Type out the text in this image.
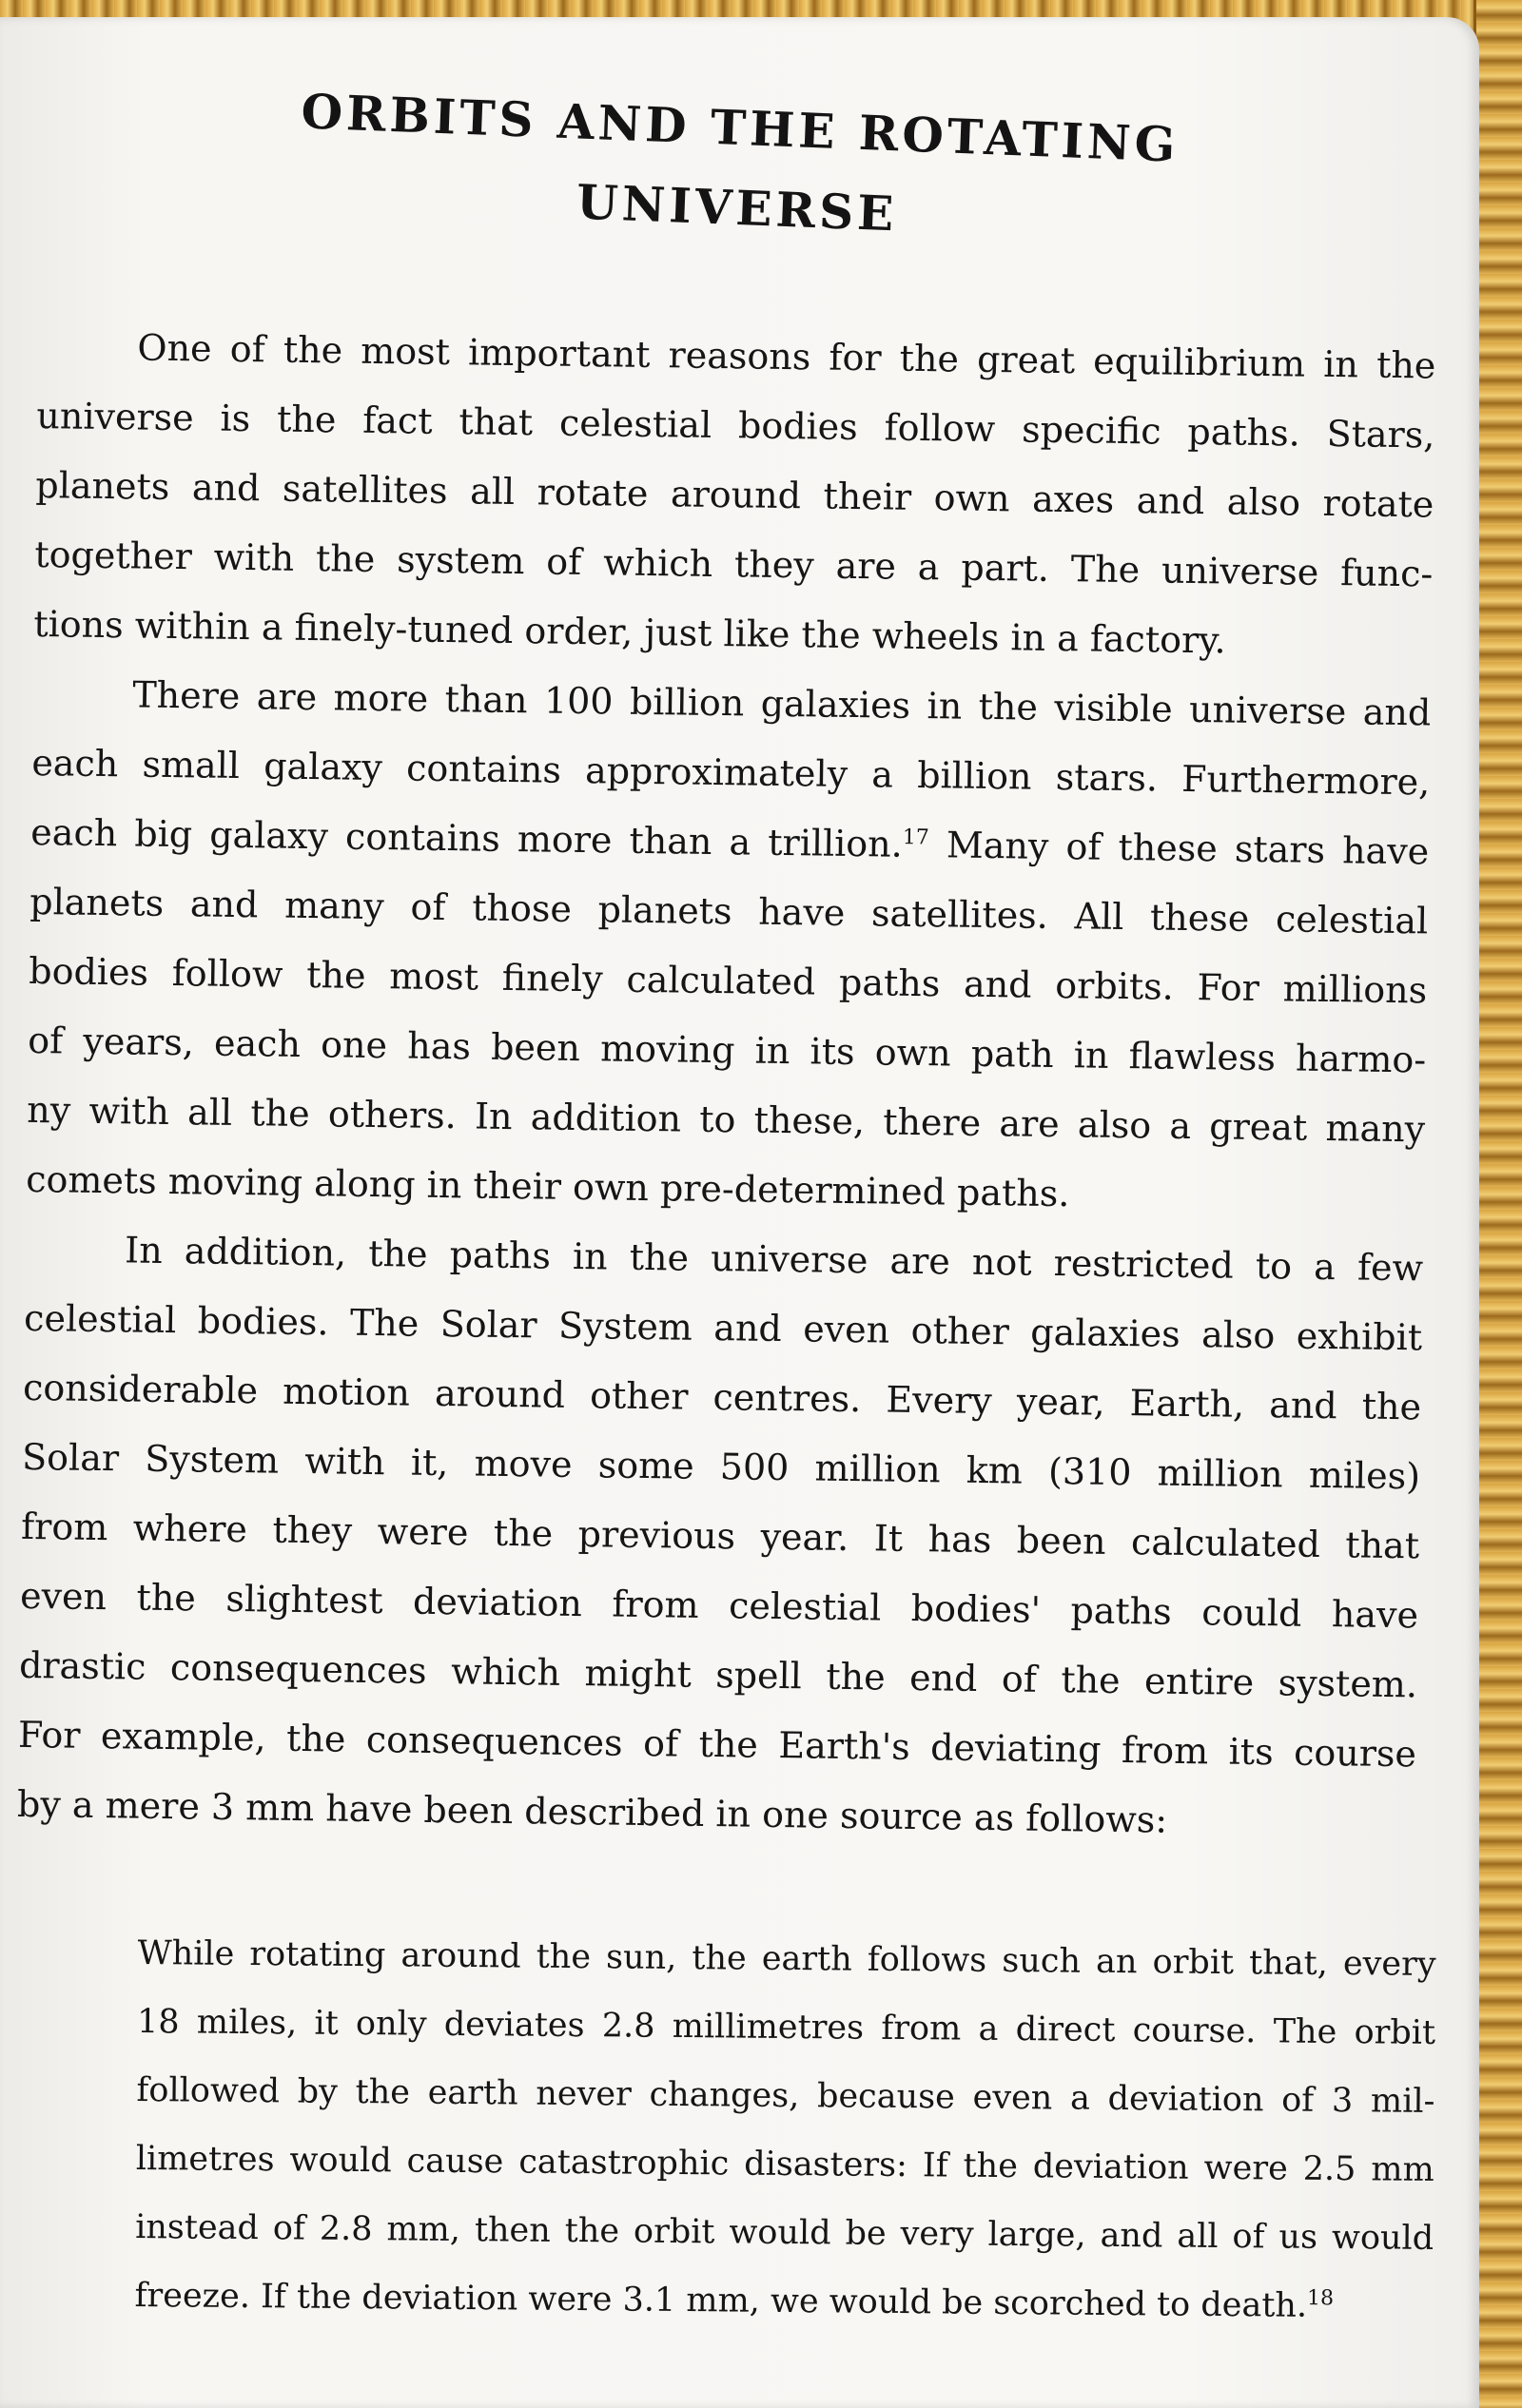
ORBITS AND THE ROTATING
UNIVERSE
One of the most important reasons for the great equilibrium in the
universe is the fact that celestial bodies follow specific paths. Stars,
planets and satellites all rotate around their own axes and also rotate
together with the system of which they are a part. The universe func-
tions within a finely-tuned order, just like the wheels in a factory.
There are more than 100 billion galaxies in the visible universe and
each small galaxy contains approximately a billion stars. Furthermore,
each big galaxy contains more than a trillion.$^{17}$ Many of these stars have
planets and many of those planets have satellites. All these celestial
bodies follow the most finely calculated paths and orbits. For millions
of years, each one has been moving in its own path in flawless harmo-
ny with all the others. In addition to these, there are also a great many
comets moving along in their own pre-determined paths.
In addition, the paths in the universe are not restricted to a few
celestial bodies. The Solar System and even other galaxies also exhibit
considerable motion around other centres. Every year, Earth, and the
Solar System with it, move some 500 million km (310 million miles)
from where they were the previous year. It has been calculated that
even the slightest deviation from celestial bodies' paths could have
drastic consequences which might spell the end of the entire system.
For example, the consequences of the Earth's deviating from its course
by a mere 3 mm have been described in one source as follows:
While rotating around the sun, the earth follows such an orbit that, every
18 miles, it only deviates 2.8 millimetres from a direct course. The orbit
followed by the earth never changes, because even a deviation of 3 mil-
limetres would cause catastrophic disasters: If the deviation were 2.5 mm
instead of 2.8 mm, then the orbit would be very large, and all of us would
freeze. If the deviation were 3.1 mm, we would be scorched to death.$^{18}$
